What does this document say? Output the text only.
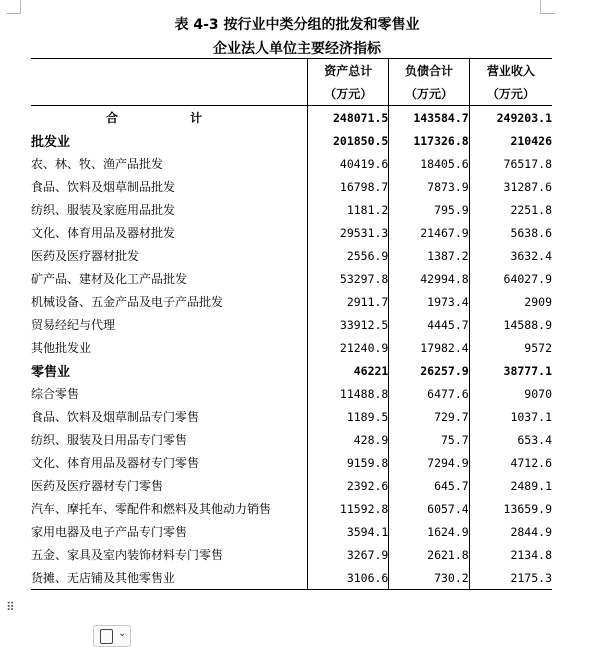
表 4-3 按行业中类分组的批发和零售业
企业法人单位主要经济指标
	资产总计	负债合计	营业收入
	（万元）	（万元）	（万元）
合　计	248071.5	143584.7	249203.1
批发业	201850.5	117326.8	210426
农、林、牧、渔产品批发	40419.6	18405.6	76517.8
食品、饮料及烟草制品批发	16798.7	7873.9	31287.6
纺织、服装及家庭用品批发	1181.2	795.9	2251.8
文化、体育用品及器材批发	29531.3	21467.9	5638.6
医药及医疗器材批发	2556.9	1387.2	3632.4
矿产品、建材及化工产品批发	53297.8	42994.8	64027.9
机械设备、五金产品及电子产品批发	2911.7	1973.4	2909
贸易经纪与代理	33912.5	4445.7	14588.9
其他批发业	21240.9	17982.4	9572
零售业	46221	26257.9	38777.1
综合零售	11488.8	6477.6	9070
食品、饮料及烟草制品专门零售	1189.5	729.7	1037.1
纺织、服装及日用品专门零售	428.9	75.7	653.4
文化、体育用品及器材专门零售	9159.8	7294.9	4712.6
医药及医疗器材专门零售	2392.6	645.7	2489.1
汽车、摩托车、零配件和燃料及其他动力销售	11592.8	6057.4	13659.9
家用电器及电子产品专门零售	3594.1	1624.9	2844.9
五金、家具及室内装饰材料专门零售	3267.9	2621.8	2134.8
货摊、无店铺及其他零售业	3106.6	730.2	2175.3
⠿
⌄
